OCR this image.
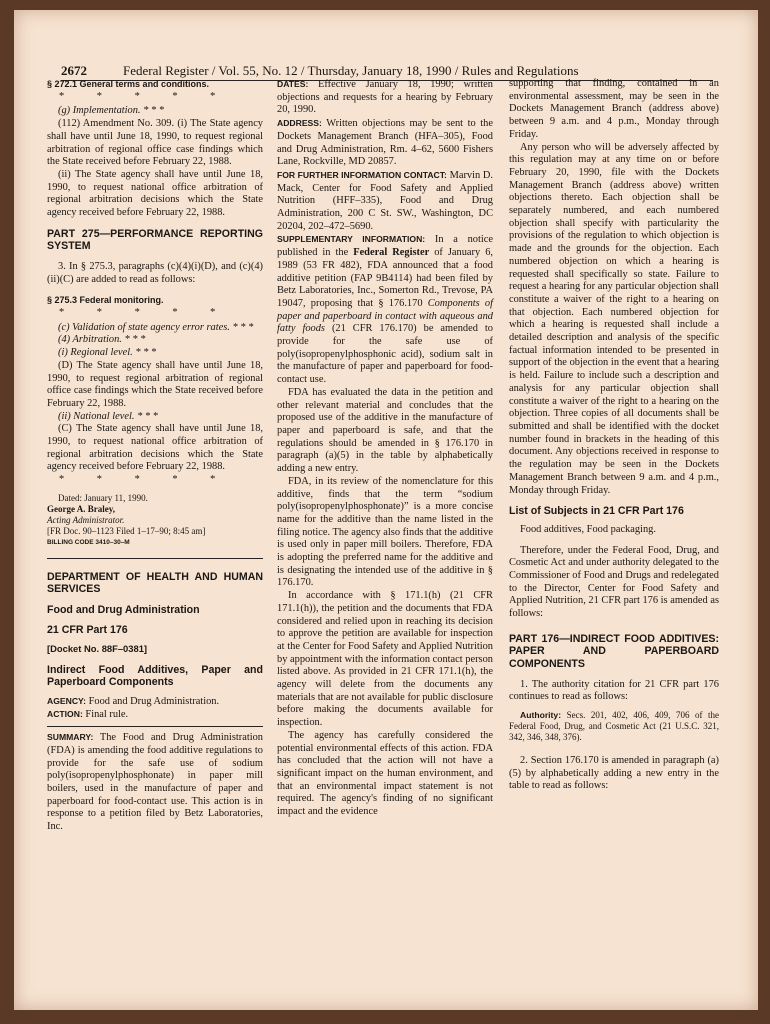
2672	Federal Register / Vol. 55, No. 12 / Thursday, January 18, 1990 / Rules and Regulations

§ 272.1 General terms and conditions.

* * * * *

(g) Implementation. * * *

(112) Amendment No. 309. (i) The State agency shall have until June 18, 1990, to request regional arbitration of regional office case findings which the State received before February 22, 1988.

(ii) The State agency shall have until June 18, 1990, to request national office arbitration of regional arbitration decisions which the State agency received before February 22, 1988.

PART 275—PERFORMANCE REPORTING SYSTEM

3. In § 275.3, paragraphs (c)(4)(i)(D), and (c)(4)(ii)(C) are added to read as follows:

§ 275.3 Federal monitoring.

* * * * *

(c) Validation of state agency error rates. * * *

(4) Arbitration. * * *

(i) Regional level. * * *

(D) The State agency shall have until June 18, 1990, to request regional arbitration of regional office case findings which the State received before February 22, 1988.

(ii) National level. * * *

(C) The State agency shall have until June 18, 1990, to request national office arbitration of regional arbitration decisions which the State agency received before February 22, 1988.

* * * * *

Dated: January 11, 1990.

George A. Braley,

Acting Administrator.

[FR Doc. 90–1123 Filed 1–17–90; 8:45 am]

BILLING CODE 3410–30–M

DEPARTMENT OF HEALTH AND HUMAN SERVICES

Food and Drug Administration

21 CFR Part 176

[Docket No. 88F–0381]

Indirect Food Additives, Paper and Paperboard Components

AGENCY: Food and Drug Administration.

ACTION: Final rule.

SUMMARY: The Food and Drug Administration (FDA) is amending the food additive regulations to provide for the safe use of sodium poly(isopropenylphosphonate) in paper mill boilers, used in the manufacture of paper and paperboard for food-contact use. This action is in response to a petition filed by Betz Laboratories, Inc.

DATES: Effective January 18, 1990; written objections and requests for a hearing by February 20, 1990.

ADDRESS: Written objections may be sent to the Dockets Management Branch (HFA–305), Food and Drug Administration, Rm. 4–62, 5600 Fishers Lane, Rockville, MD 20857.

FOR FURTHER INFORMATION CONTACT: Marvin D. Mack, Center for Food Safety and Applied Nutrition (HFF–335), Food and Drug Administration, 200 C St. SW., Washington, DC 20204, 202–472–5690.

SUPPLEMENTARY INFORMATION: In a notice published in the Federal Register of January 6, 1989 (53 FR 482), FDA announced that a food additive petition (FAP 9B4114) had been filed by Betz Laboratories, Inc., Somerton Rd., Trevose, PA 19047, proposing that § 176.170 Components of paper and paperboard in contact with aqueous and fatty foods (21 CFR 176.170) be amended to provide for the safe use of poly(isopropenylphosphonic acid), sodium salt in the manufacture of paper and paperboard for food-contact use.

FDA has evaluated the data in the petition and other relevant material and concludes that the proposed use of the additive in the manufacture of paper and paperboard is safe, and that the regulations should be amended in § 176.170 in paragraph (a)(5) in the table by alphabetically adding a new entry.

FDA, in its review of the nomenclature for this additive, finds that the term “sodium poly(isopropenylphosphonate)” is a more concise name for the additive than the name listed in the filing notice. The agency also finds that the additive is used only in paper mill boilers. Therefore, FDA is adopting the preferred name for the additive and is designating the intended use of the additive in § 176.170.

In accordance with § 171.1(h) (21 CFR 171.1(h)), the petition and the documents that FDA considered and relied upon in reaching its decision to approve the petition are available for inspection at the Center for Food Safety and Applied Nutrition by appointment with the information contact person listed above. As provided in 21 CFR 171.1(h), the agency will delete from the documents any materials that are not available for public disclosure before making the documents available for inspection.

The agency has carefully considered the potential environmental effects of this action. FDA has concluded that the action will not have a significant impact on the human environment, and that an environmental impact statement is not required. The agency's finding of no significant impact and the evidence

supporting that finding, contained in an environmental assessment, may be seen in the Dockets Management Branch (address above) between 9 a.m. and 4 p.m., Monday through Friday.

Any person who will be adversely affected by this regulation may at any time on or before February 20, 1990, file with the Dockets Management Branch (address above) written objections thereto. Each objection shall be separately numbered, and each numbered objection shall specify with particularity the provisions of the regulation to which objection is made and the grounds for the objection. Each numbered objection on which a hearing is requested shall specifically so state. Failure to request a hearing for any particular objection shall constitute a waiver of the right to a hearing on that objection. Each numbered objection for which a hearing is requested shall include a detailed description and analysis of the specific factual information intended to be presented in support of the objection in the event that a hearing is held. Failure to include such a description and analysis for any particular objection shall constitute a waiver of the right to a hearing on the objection. Three copies of all documents shall be submitted and shall be identified with the docket number found in brackets in the heading of this document. Any objections received in response to the regulation may be seen in the Dockets Management Branch between 9 a.m. and 4 p.m., Monday through Friday.

List of Subjects in 21 CFR Part 176

Food additives, Food packaging.

Therefore, under the Federal Food, Drug, and Cosmetic Act and under authority delegated to the Commissioner of Food and Drugs and redelegated to the Director, Center for Food Safety and Applied Nutrition, 21 CFR part 176 is amended as follows:

PART 176—INDIRECT FOOD ADDITIVES: PAPER AND PAPERBOARD COMPONENTS

1. The authority citation for 21 CFR part 176 continues to read as follows:

Authority: Secs. 201, 402, 406, 409, 706 of the Federal Food, Drug, and Cosmetic Act (21 U.S.C. 321, 342, 346, 348, 376).

2. Section 176.170 is amended in paragraph (a)(5) by alphabetically adding a new entry in the table to read as follows:
